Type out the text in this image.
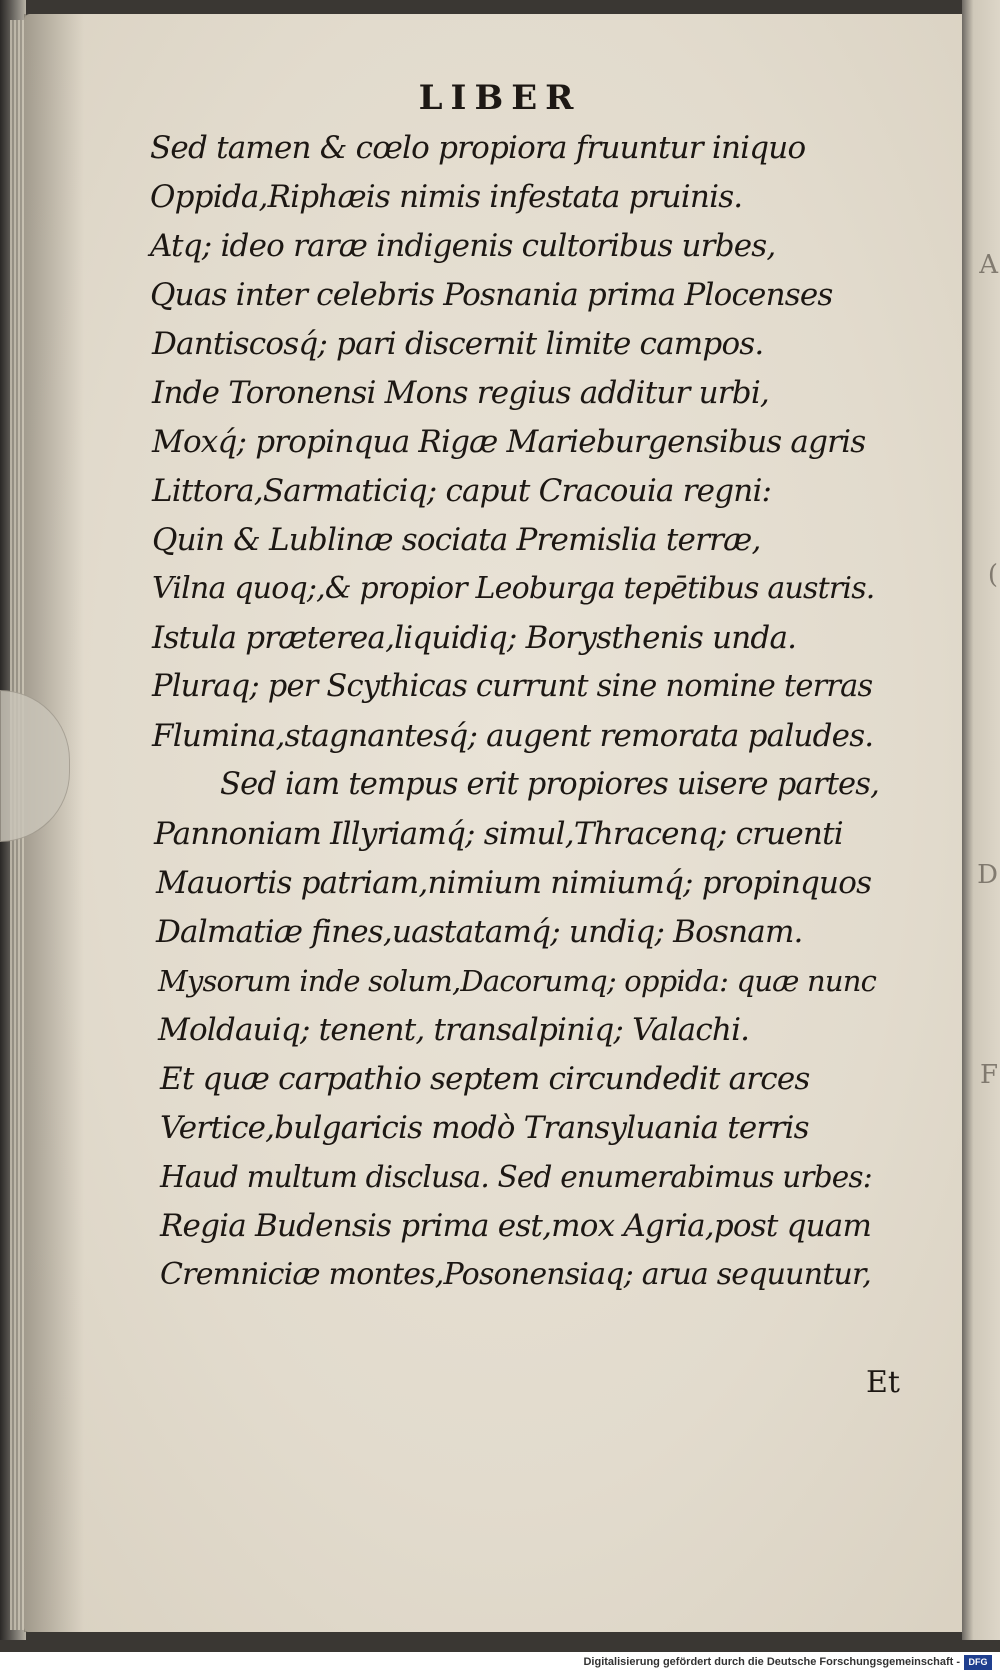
A
(
D
F
LIBER
Sed tamen & cœlo propiora fruuntur iniquo
Oppida,Riphæis nimis infestata pruinis.
Atq; ideo raræ indigenis cultoribus urbes,
Quas inter celebris Posnania prima Plocenses
Dantiscosq́; pari discernit limite campos.
Inde Toronensi Mons regius additur urbi,
Moxq́; propinqua Rigæ Marieburgensibus agris
Littora,Sarmaticiq; caput Cracouia regni:
Quin & Lublinæ sociata Premislia terræ,
Vilna quoq;,& propior Leoburga tepētibus austris.
Istula præterea,liquidiq; Borysthenis unda.
Pluraq; per Scythicas currunt sine nomine terras
Flumina,stagnantesq́; augent remorata paludes.
Sed iam tempus erit propiores uisere partes,
Pannoniam Illyriamq́; simul,Thracenq; cruenti
Mauortis patriam,nimium nimiumq́; propinquos
Dalmatiæ fines,uastatamq́; undiq; Bosnam.
Mysorum inde solum,Dacorumq; oppida: quæ nunc
Moldauiq; tenent, transalpiniq; Valachi.
Et quæ carpathio septem circundedit arces
Vertice,bulgaricis modò Transyluania terris
Haud multum disclusa. Sed enumerabimus urbes:
Regia Budensis prima est,mox Agria,post quam
Cremniciæ montes,Posonensiaq; arua sequuntur,
Et
Digitalisierung gefördert durch die Deutsche Forschungsgemeinschaft - DFG
